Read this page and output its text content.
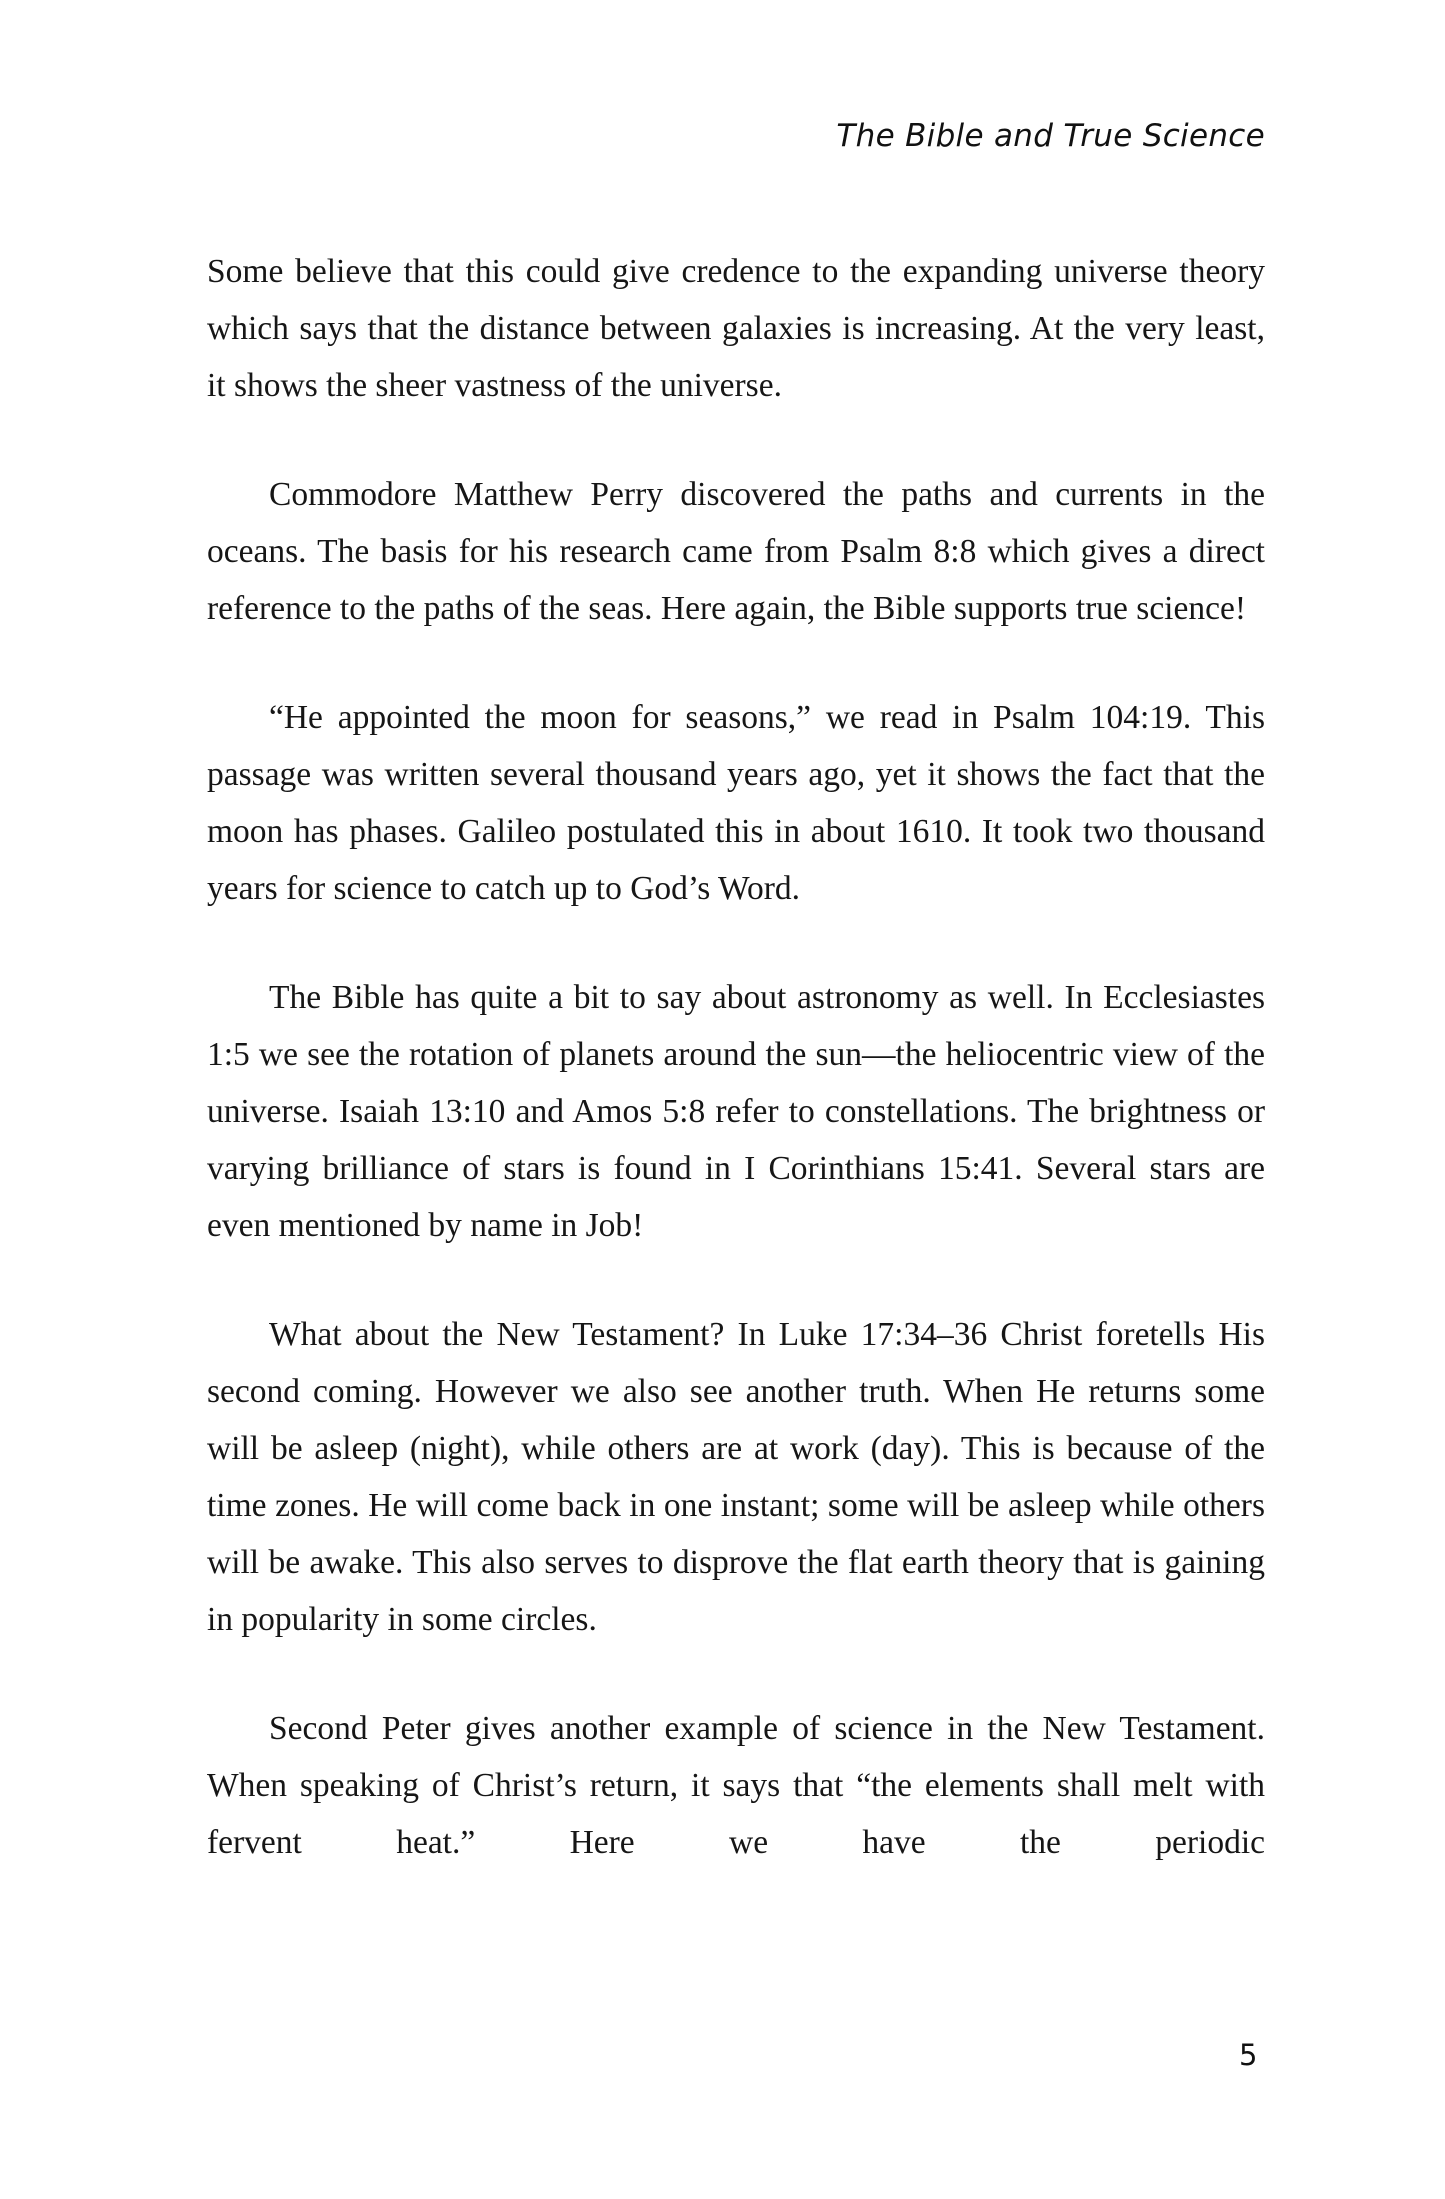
The Bible and True Science

Some believe that this could give credence to the expanding universe theory which says that the distance between galaxies is increasing. At the very least, it shows the sheer vastness of the universe.

Commodore Matthew Perry discovered the paths and currents in the oceans. The basis for his research came from Psalm 8:8 which gives a direct reference to the paths of the seas. Here again, the Bible supports true science!

“He appointed the moon for seasons,” we read in Psalm 104:19. This passage was written several thousand years ago, yet it shows the fact that the moon has phases. Galileo postulated this in about 1610. It took two thousand years for science to catch up to God’s Word.

The Bible has quite a bit to say about astronomy as well. In Ecclesiastes 1:5 we see the rotation of planets around the sun—the heliocentric view of the universe. Isaiah 13:10 and Amos 5:8 refer to constellations. The brightness or varying brilliance of stars is found in I Corinthians 15:41. Several stars are even mentioned by name in Job!

What about the New Testament? In Luke 17:34–36 Christ foretells His second coming. However we also see another truth. When He returns some will be asleep (night), while others are at work (day). This is because of the time zones. He will come back in one instant; some will be asleep while others will be awake. This also serves to disprove the flat earth theory that is gaining in popularity in some circles.

Second Peter gives another example of science in the New Testament. When speaking of Christ’s return, it says that “the elements shall melt with fervent heat.” Here we have the periodic

5
